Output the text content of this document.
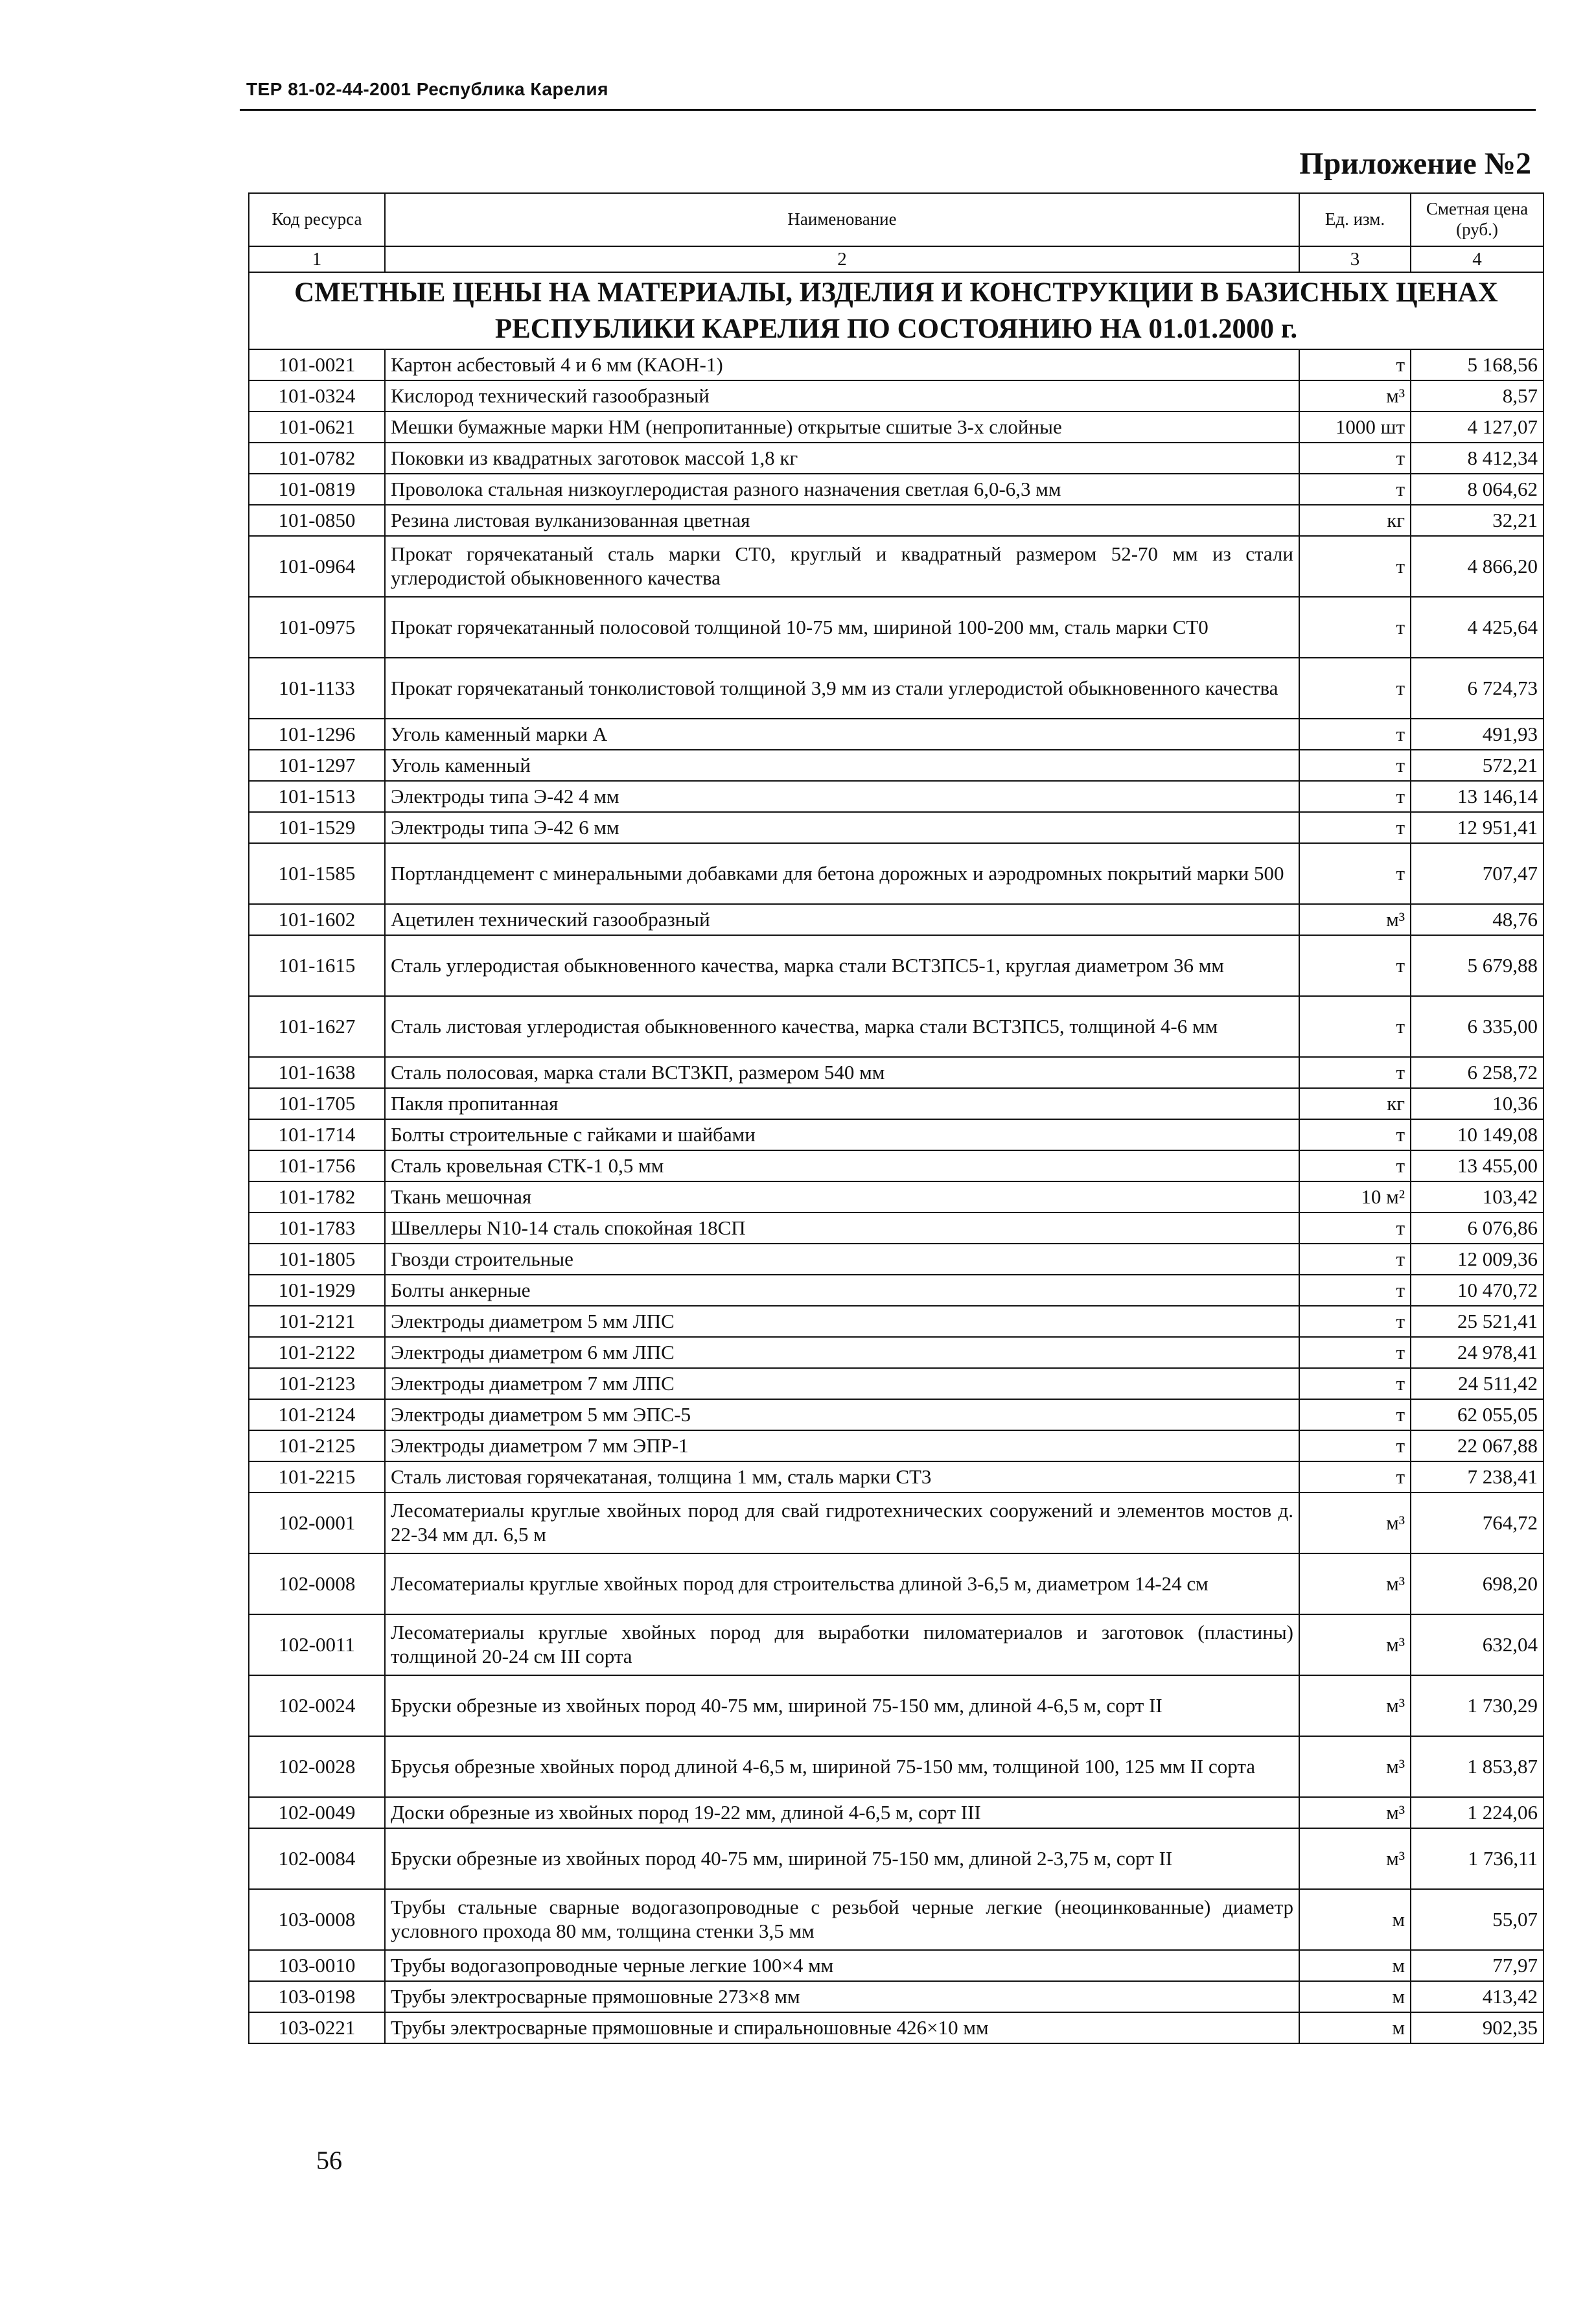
ТЕР 81-02-44-2001 Республика Карелия
Приложение №2
Код ресурса	Наименование	Ед. изм.	Сметная цена (руб.)
1	2	3	4
СМЕТНЫЕ ЦЕНЫ НА МАТЕРИАЛЫ, ИЗДЕЛИЯ И КОНСТРУКЦИИ В БАЗИСНЫХ ЦЕНАХ РЕСПУБЛИКИ КАРЕЛИЯ ПО СОСТОЯНИЮ НА 01.01.2000 г.			
101-0021	Картон асбестовый 4 и 6 мм (КАОН-1)	т	5 168,56
101-0324	Кислород технический газообразный	м³	8,57
101-0621	Мешки бумажные марки НМ (непропитанные) открытые сшитые 3-х слойные	1000 шт	4 127,07
101-0782	Поковки из квадратных заготовок массой 1,8 кг	т	8 412,34
101-0819	Проволока стальная низкоуглеродистая разного назначения светлая 6,0-6,3 мм	т	8 064,62
101-0850	Резина листовая вулканизованная цветная	кг	32,21
101-0964	Прокат горячекатаный сталь марки СТ0, круглый и квадратный размером 52-70 мм из стали углеродистой обыкновенного качества	т	4 866,20
101-0975	Прокат горячекатанный полосовой толщиной 10-75 мм, шириной 100-200 мм, сталь марки СТ0	т	4 425,64
101-1133	Прокат горячекатаный тонколистовой толщиной 3,9 мм из стали углеродистой обыкновенного качества	т	6 724,73
101-1296	Уголь каменный марки А	т	491,93
101-1297	Уголь каменный	т	572,21
101-1513	Электроды типа Э-42 4 мм	т	13 146,14
101-1529	Электроды типа Э-42 6 мм	т	12 951,41
101-1585	Портландцемент с минеральными добавками для бетона дорожных и аэродромных покрытий марки 500	т	707,47
101-1602	Ацетилен технический газообразный	м³	48,76
101-1615	Сталь углеродистая обыкновенного качества, марка стали ВСТ3ПС5-1, круглая диаметром 36 мм	т	5 679,88
101-1627	Сталь листовая углеродистая обыкновенного качества, марка стали ВСТ3ПС5, толщиной 4-6 мм	т	6 335,00
101-1638	Сталь полосовая, марка стали ВСТ3КП, размером 540 мм	т	6 258,72
101-1705	Пакля пропитанная	кг	10,36
101-1714	Болты строительные с гайками и шайбами	т	10 149,08
101-1756	Сталь кровельная СТК-1 0,5 мм	т	13 455,00
101-1782	Ткань мешочная	10 м²	103,42
101-1783	Швеллеры N10-14 сталь спокойная 18СП	т	6 076,86
101-1805	Гвозди строительные	т	12 009,36
101-1929	Болты анкерные	т	10 470,72
101-2121	Электроды диаметром 5 мм ЛПС	т	25 521,41
101-2122	Электроды диаметром 6 мм ЛПС	т	24 978,41
101-2123	Электроды диаметром 7 мм ЛПС	т	24 511,42
101-2124	Электроды диаметром 5 мм ЭПС-5	т	62 055,05
101-2125	Электроды диаметром 7 мм ЭПР-1	т	22 067,88
101-2215	Сталь листовая горячекатаная, толщина 1 мм, сталь марки СТ3	т	7 238,41
102-0001	Лесоматериалы круглые хвойных пород для свай гидротехнических сооружений и элементов мостов д. 22-34 мм дл. 6,5 м	м³	764,72
102-0008	Лесоматериалы круглые хвойных пород для строительства длиной 3-6,5 м, диаметром 14-24 см	м³	698,20
102-0011	Лесоматериалы круглые хвойных пород для выработки пиломатериалов и заготовок (пластины) толщиной 20-24 см III сорта	м³	632,04
102-0024	Бруски обрезные из хвойных пород 40-75 мм, шириной 75-150 мм, длиной 4-6,5 м, сорт II	м³	1 730,29
102-0028	Брусья обрезные хвойных пород длиной 4-6,5 м, шириной 75-150 мм, толщиной 100, 125 мм II сорта	м³	1 853,87
102-0049	Доски обрезные из хвойных пород 19-22 мм, длиной 4-6,5 м, сорт III	м³	1 224,06
102-0084	Бруски обрезные из хвойных пород 40-75 мм, шириной 75-150 мм, длиной 2-3,75 м, сорт II	м³	1 736,11
103-0008	Трубы стальные сварные водогазопроводные с резьбой черные легкие (неоцинкованные) диаметр условного прохода 80 мм, толщина стенки 3,5 мм	м	55,07
103-0010	Трубы водогазопроводные черные легкие 100×4 мм	м	77,97
103-0198	Трубы электросварные прямошовные 273×8 мм	м	413,42
103-0221	Трубы электросварные прямошовные и спиральношовные 426×10 мм	м	902,35
56
